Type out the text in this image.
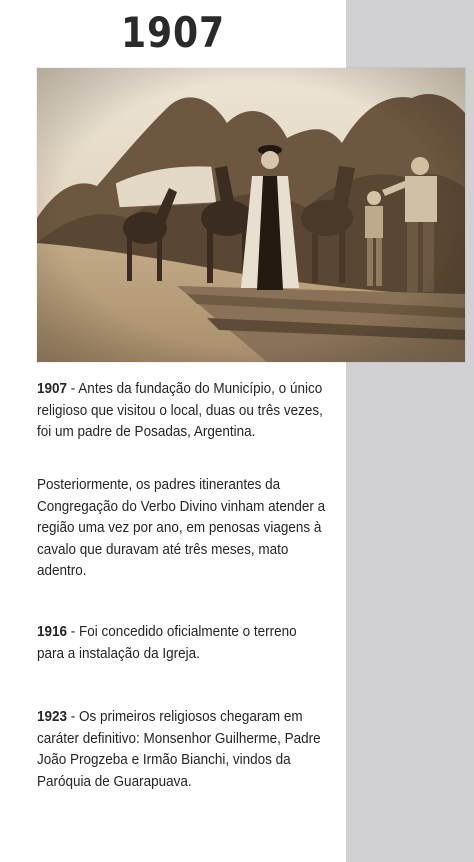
1907

1907 - Antes da fundação do Município, o único religioso que visitou o local, duas ou três vezes, foi um padre de Posadas, Argentina.

Posteriormente, os padres itinerantes da Congregação do Verbo Divino vinham atender a região uma vez por ano, em penosas viagens à cavalo que duravam até três meses, mato adentro.

1916 - Foi concedido oficialmente o terreno para a instalação da Igreja.

1923 - Os primeiros religiosos chegaram em caráter definitivo: Monsenhor Guilherme, Padre João Progzeba e Irmão Bianchi, vindos da Paróquia de Guarapuava.
